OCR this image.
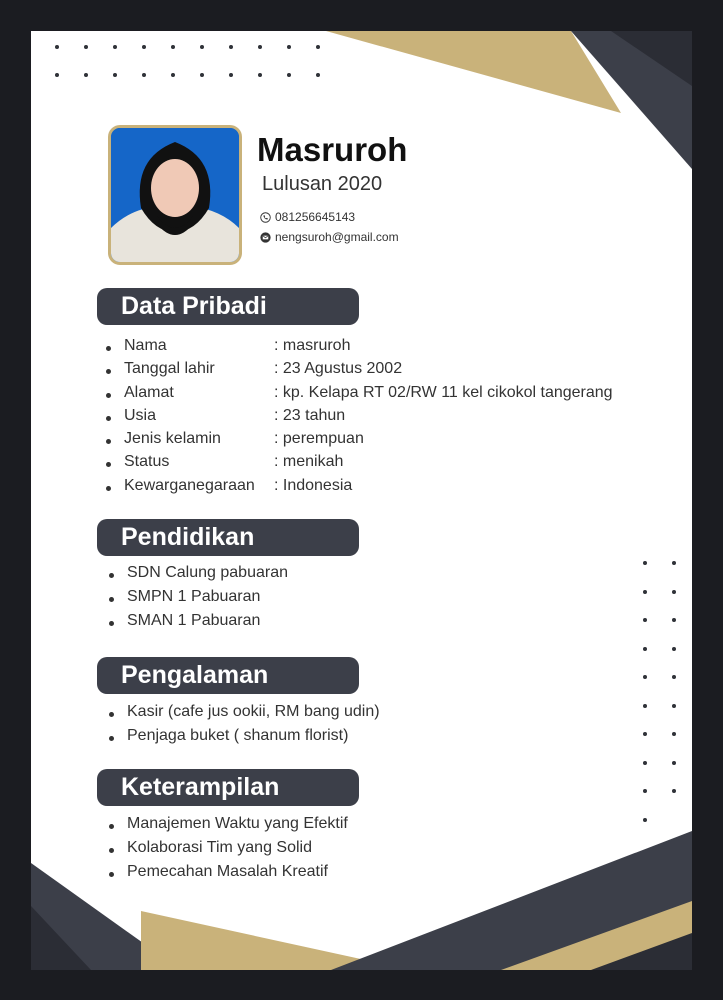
Masruroh
Lulusan 2020
081256645143
nengsuroh@gmail.com
Data Pribadi
Nama	: masruroh
Tanggal lahir	: 23 Agustus 2002
Alamat	: kp. Kelapa RT 02/RW 11 kel cikokol tangerang
Usia	: 23 tahun
Jenis kelamin	: perempuan
Status	: menikah
Kewarganegaraan	: Indonesia
Pendidikan
SDN Calung pabuaran
SMPN 1 Pabuaran
SMAN 1 Pabuaran
Pengalaman
Kasir (cafe jus ookii, RM bang udin)
Penjaga buket ( shanum florist)
Keterampilan
Manajemen Waktu yang Efektif
Kolaborasi Tim yang Solid
Pemecahan Masalah Kreatif
